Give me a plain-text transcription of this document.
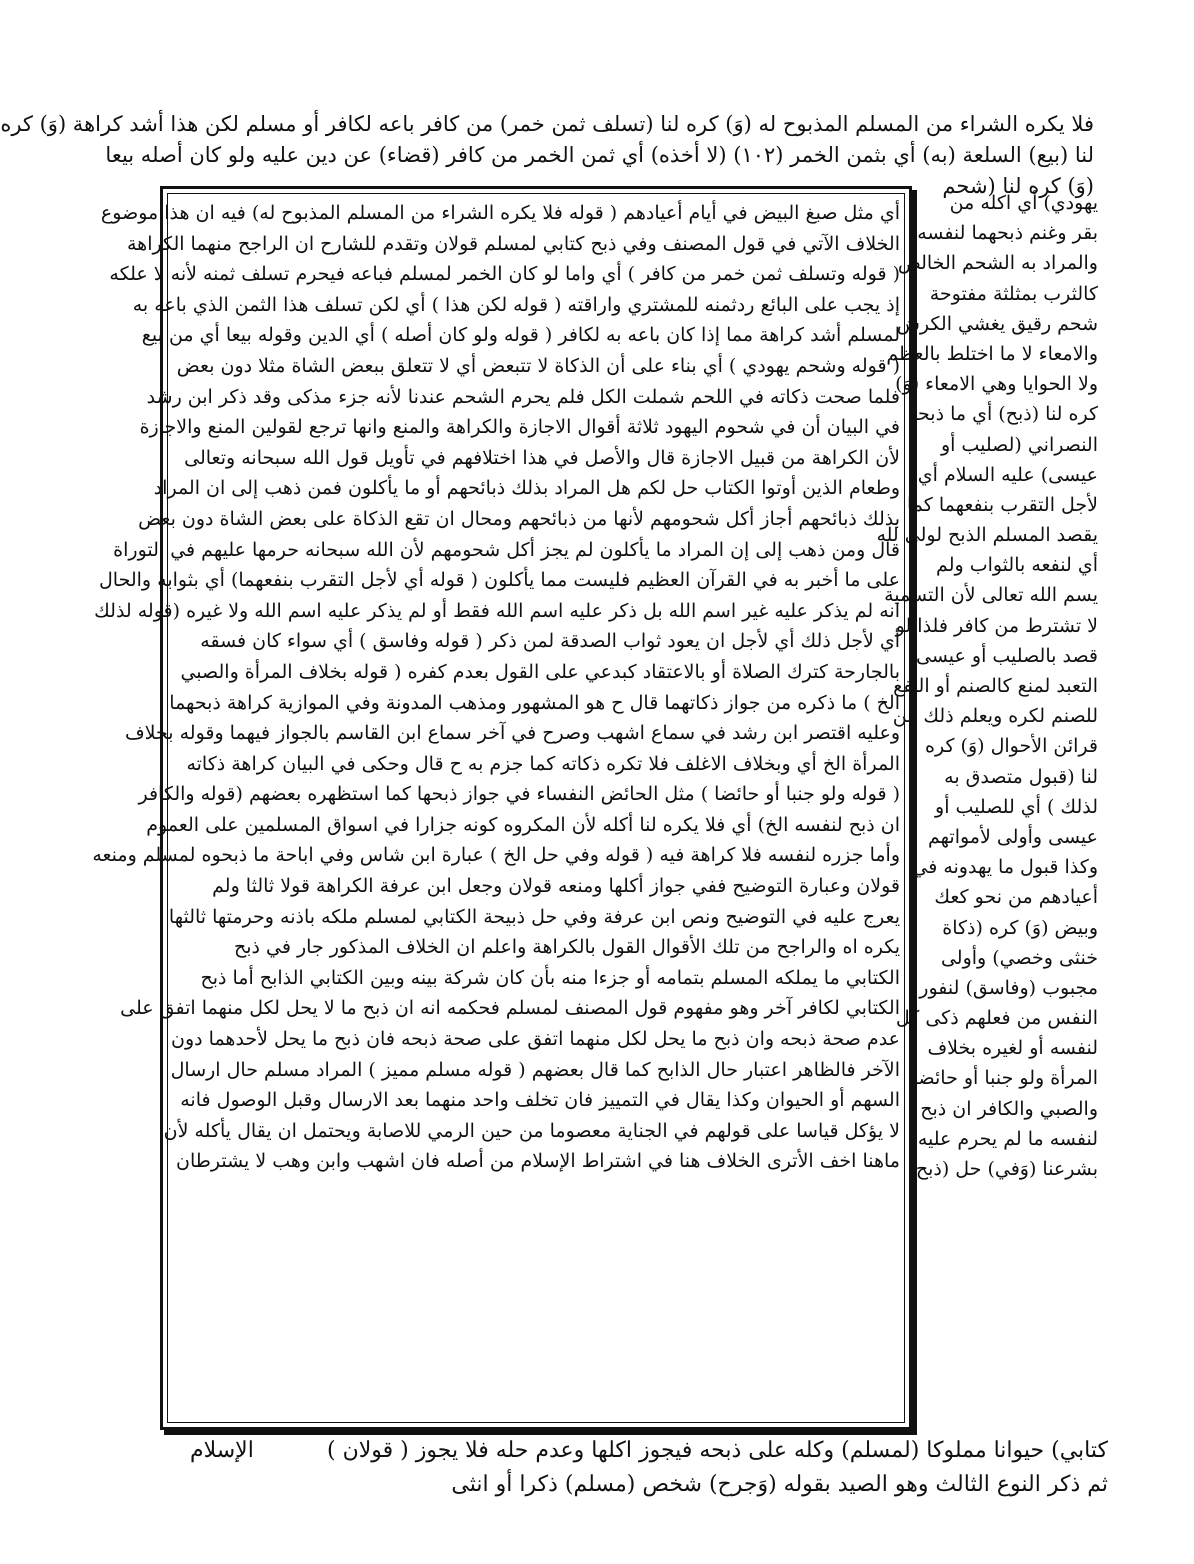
فلا يكره الشراء من المسلم المذبوح له (وَ) كره لنا (تسلف ثمن خمر) من كافر باعه لكافر أو مسلم لكن هذا أشد كراهة (وَ) كره
لنا (بيع) السلعة (به) أي بثمن الخمر (١٠٢) (لا أخذه) أي ثمن الخمر من كافر (قضاء) عن دين عليه ولو كان أصله بيعا
(وَ) كره لنا (شحم
أي مثل صبغ البيض في أيام أعيادهم ( قوله فلا يكره الشراء من المسلم المذبوح له) فيه ان هذا موضوع
الخلاف الآتي في قول المصنف وفي ذبح كتابي لمسلم قولان وتقدم للشارح ان الراجح منهما الكراهة
( قوله وتسلف ثمن خمر من كافر ) أي واما لو كان الخمر لمسلم فباعه فيحرم تسلف ثمنه لأنه لا علكه
إذ يجب على البائع ردثمنه للمشتري واراقته ( قوله لكن هذا ) أي لكن تسلف هذا الثمن الذي باعه به
لمسلم أشد كراهة مما إذا كان باعه به لكافر ( قوله ولو كان أصله ) أي الدين وقوله بيعا أي من بيع
( قوله وشحم يهودي ) أي بناء على أن الذكاة لا تتبعض أي لا تتعلق ببعض الشاة مثلا دون بعض
فلما صحت ذكاته في اللحم شملت الكل فلم يحرم الشحم عندنا لأنه جزء مذكى وقد ذكر ابن رشد
في البيان أن في شحوم اليهود ثلاثة أقوال الاجازة والكراهة والمنع وانها ترجع لقولين المنع والاجازة
لأن الكراهة من قبيل الاجازة قال والأصل في هذا اختلافهم في تأويل قول الله سبحانه وتعالى
وطعام الذين أوتوا الكتاب حل لكم هل المراد بذلك ذبائحهم أو ما يأكلون فمن ذهب إلى ان المراد
بذلك ذبائحهم أجاز أكل شحومهم لأنها من ذبائحهم ومحال ان تقع الذكاة على بعض الشاة دون بعض
قال ومن ذهب إلى إن المراد ما يأكلون لم يجز أكل شحومهم لأن الله سبحانه حرمها عليهم في التوراة
على ما أخبر به في القرآن العظيم فليست مما يأكلون ( قوله أي لأجل التقرب بنفعهما) أي بثوابه والحال
انه لم يذكر عليه غير اسم الله بل ذكر عليه اسم الله فقط أو لم يذكر عليه اسم الله ولا غيره (قوله لذلك
أي لأجل ذلك أي لأجل ان يعود ثواب الصدقة لمن ذكر ( قوله وفاسق ) أي سواء كان فسقه
بالجارحة كترك الصلاة أو بالاعتقاد كبدعي على القول بعدم كفره ( قوله بخلاف المرأة والصبي
الخ ) ما ذكره من جواز ذكاتهما قال ح هو المشهور ومذهب المدونة وفي الموازية كراهة ذبحهما
وعليه اقتصر ابن رشد في سماع اشهب وصرح في آخر سماع ابن القاسم بالجواز فيهما وقوله بخلاف
المرأة الخ أي وبخلاف الاغلف فلا تكره ذكاته كما جزم به ح قال وحكى في البيان كراهة ذكاته
( قوله ولو جنبا أو حائضا ) مثل الحائض النفساء في جواز ذبحها كما استظهره بعضهم (قوله والكافر
ان ذبح لنفسه الخ) أي فلا يكره لنا أكله لأن المكروه كونه جزارا في اسواق المسلمين على العموم
وأما جزره لنفسه فلا كراهة فيه ( قوله وفي حل الخ ) عبارة ابن شاس وفي اباحة ما ذبحوه لمسلم ومنعه
قولان وعبارة التوضيح ففي جواز أكلها ومنعه قولان وجعل ابن عرفة الكراهة قولا ثالثا ولم
يعرج عليه في التوضيح ونص ابن عرفة وفي حل ذبيحة الكتابي لمسلم ملكه باذنه وحرمتها ثالثها
يكره اه والراجح من تلك الأقوال القول بالكراهة واعلم ان الخلاف المذكور جار في ذبح
الكتابي ما يملكه المسلم بتمامه أو جزءا منه بأن كان شركة بينه وبين الكتابي الذابح أما ذبح
الكتابي لكافر آخر وهو مفهوم قول المصنف لمسلم فحكمه انه ان ذبح ما لا يحل لكل منهما اتفق على
عدم صحة ذبحه وان ذبح ما يحل لكل منهما اتفق على صحة ذبحه فان ذبح ما يحل لأحدهما دون
الآخر فالظاهر اعتبار حال الذابح كما قال بعضهم ( قوله مسلم مميز ) المراد مسلم حال ارسال
السهم أو الحيوان وكذا يقال في التمييز فان تخلف واحد منهما بعد الارسال وقبل الوصول فانه
لا يؤكل قياسا على قولهم في الجناية معصوما من حين الرمي للاصابة ويحتمل ان يقال يأكله لأن
ماهنا اخف الأترى الخلاف هنا في اشتراط الإسلام من أصله فان اشهب وابن وهب لا يشترطان
يهودي) أي اكله من
بقر وغنم ذبحهما لنفسه
والمراد به الشحم الخالص
كالثرب بمثلثة مفتوحة
شحم رقيق يغشي الكرش
والامعاء لا ما اختلط بالعظم
ولا الحوايا وهي الامعاء (وَ)
كره لنا (ذبح) أي ما ذبحه
النصراني (لصليب أو
عيسى) عليه السلام أي
لأجل التقرب بنفعهما كما
يقصد المسلم الذبح لولي لله
أي لنفعه بالثواب ولم
يسم الله تعالى لأن التسمية
لا تشترط من كافر فلذا لو
قصد بالصليب أو عيسى
التعبد لمنع كالصنم أو النفع
للصنم لكره ويعلم ذلك من
قرائن الأحوال (وَ) كره
لنا (قبول متصدق به
لذلك ) أي للصليب أو
عيسى وأولى لأمواتهم
وكذا قبول ما يهدونه في
أعيادهم من نحو كعك
وبيض (وَ) كره (ذكاة
خنثى وخصي) وأولى
مجبوب (وفاسق) لنفور
النفس من فعلهم ذكى كل
لنفسه أو لغيره بخلاف
المرأة ولو جنبا أو حائضا
والصبي والكافر ان ذبح
لنفسه ما لم يحرم عليه
بشرعنا (وَفي) حل (ذبح
كتابي) حيوانا مملوكا (لمسلم) وكله على ذبحه فيجوز اكلها وعدم حله فلا يجوز ( قولان )
ثم ذكر النوع الثالث وهو الصيد بقوله (وَجرح) شخص (مسلم) ذكرا أو انثى
الإسلام
